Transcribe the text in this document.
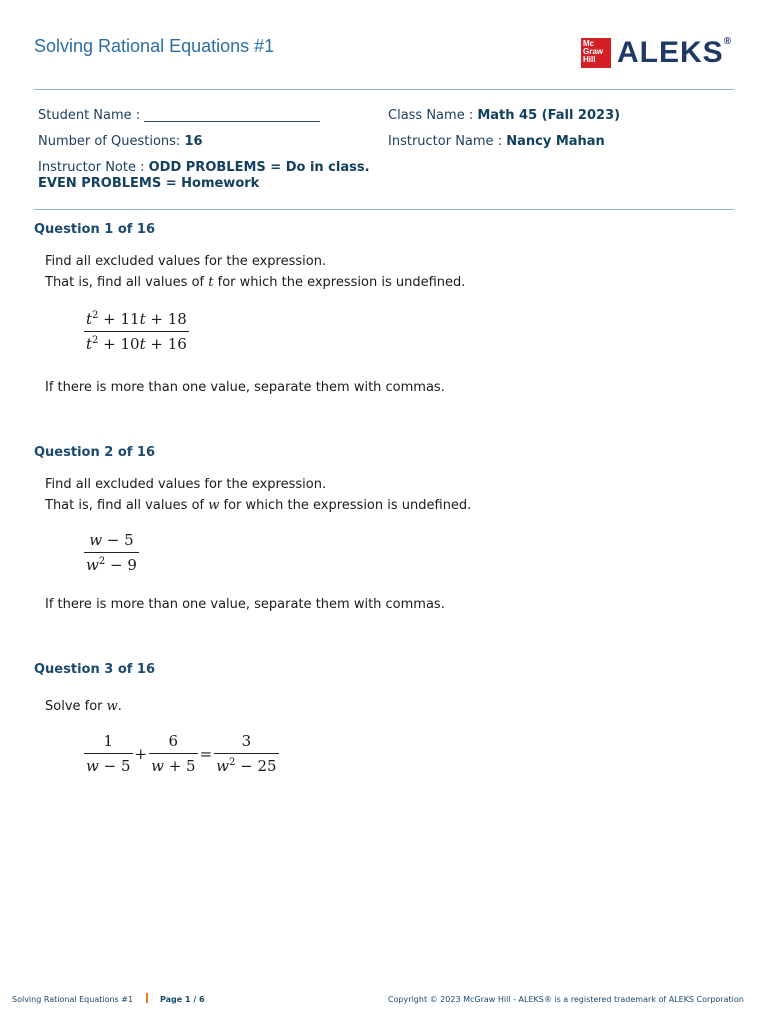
Solving Rational Equations #1	Mc
Graw
Hill ALEKS®
Student Name : ___________________________	Class Name : Math 45 (Fall 2023)
Number of Questions: 16	Instructor Name : Nancy Mahan
Instructor Note : ODD PROBLEMS = Do in class.
EVEN PROBLEMS = Homework
Question 1 of 16
Find all excluded values for the expression.
That is, find all values of t for which the expression is undefined.
$\frac{t^2 + 11t + 18}{t^2 + 10t + 16}$
If there is more than one value, separate them with commas.
Question 2 of 16
Find all excluded values for the expression.
That is, find all values of w for which the expression is undefined.
$\frac{w - 5}{w^2 - 9}$
If there is more than one value, separate them with commas.
Question 3 of 16
Solve for w.
$\frac{1}{w - 5} + \frac{6}{w + 5} = \frac{3}{w^2 - 25}$
Solving Rational Equations #1	Page 1 / 6	Copyright © 2023 McGraw Hill - ALEKS® is a registered trademark of ALEKS Corporation
